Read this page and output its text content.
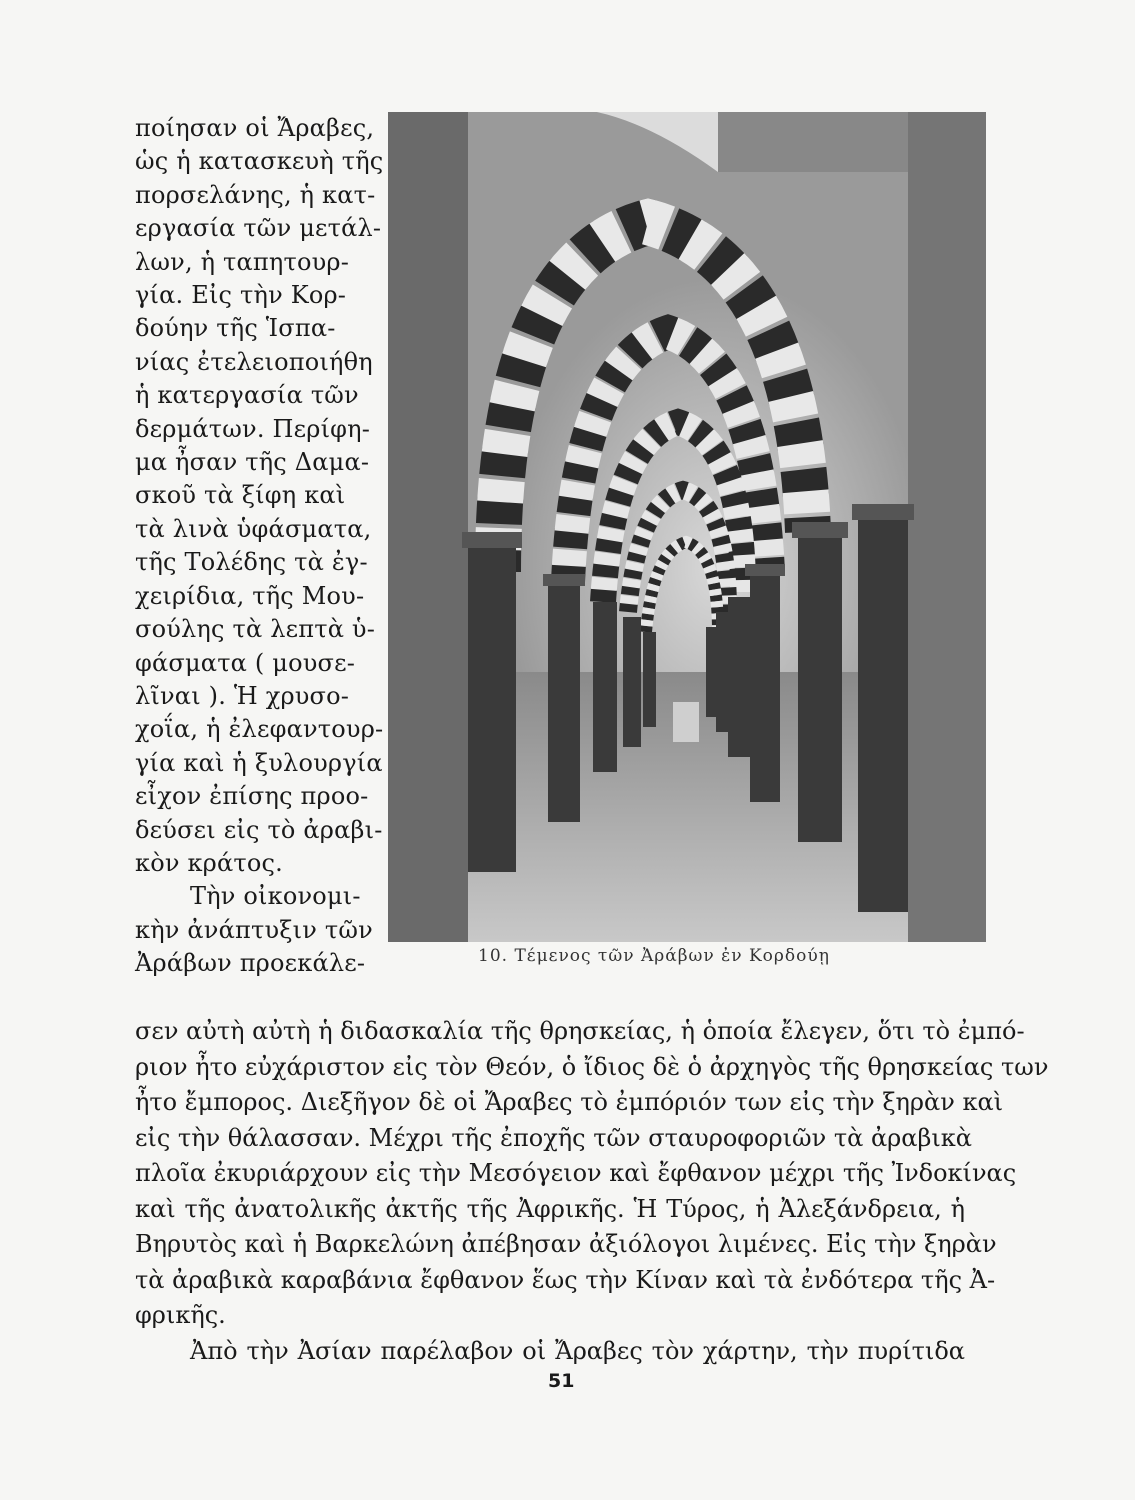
ποίησαν οἱ Ἄραβες,
ὡς ἡ κατασκευὴ τῆς
πορσελάνης, ἡ κατ-
εργασία τῶν μετάλ-
λων, ἡ ταπητουρ-
γία. Εἰς τὴν Κορ-
δούην τῆς Ἱσπα-
νίας ἐτελειοποιήθη
ἡ κατεργασία τῶν
δερμάτων. Περίφη-
μα ἦσαν τῆς Δαμα-
σκοῦ τὰ ξίφη καὶ
τὰ λινὰ ὑφάσματα,
τῆς Τολέδης τὰ ἐγ-
χειρίδια, τῆς Μου-
σούλης τὰ λεπτὰ ὑ-
φάσματα ( μουσε-
λῖναι ). Ἡ χρυσο-
χοΐα, ἡ ἐλεφαντουρ-
γία καὶ ἡ ξυλουργία
εἶχον ἐπίσης προο-
δεύσει εἰς τὸ ἀραβι-
κὸν κράτος.
Τὴν οἰκονομι-
κὴν ἀνάπτυξιν τῶν
Ἀράβων προεκάλε-	10. Τέμενος τῶν Ἀράβων ἐν Κορδούῃ
σεν αὐτὴ αὐτὴ ἡ διδασκαλία τῆς θρησκείας, ἡ ὁποία ἔλεγεν, ὅτι τὸ ἐμπό-
ριον ἦτο εὐχάριστον εἰς τὸν Θεόν, ὁ ἴδιος δὲ ὁ ἀρχηγὸς τῆς θρησκείας των
ἦτο ἔμπορος. Διεξῆγον δὲ οἱ Ἄραβες τὸ ἐμπόριόν των εἰς τὴν ξηρὰν καὶ
εἰς τὴν θάλασσαν. Μέχρι τῆς ἐποχῆς τῶν σταυροφοριῶν τὰ ἀραβικὰ
πλοῖα ἐκυριάρχουν εἰς τὴν Μεσόγειον καὶ ἔφθανον μέχρι τῆς Ἰνδοκίνας
καὶ τῆς ἀνατολικῆς ἀκτῆς τῆς Ἀφρικῆς. Ἡ Τύρος, ἡ Ἀλεξάνδρεια, ἡ
Βηρυτὸς καὶ ἡ Βαρκελώνη ἀπέβησαν ἀξιόλογοι λιμένες. Εἰς τὴν ξηρὰν
τὰ ἀραβικὰ καραβάνια ἔφθανον ἕως τὴν Κίναν καὶ τὰ ἐνδότερα τῆς Ἀ-
φρικῆς.
Ἀπὸ τὴν Ἀσίαν παρέλαβον οἱ Ἄραβες τὸν χάρτην, τὴν πυρίτιδα
51
